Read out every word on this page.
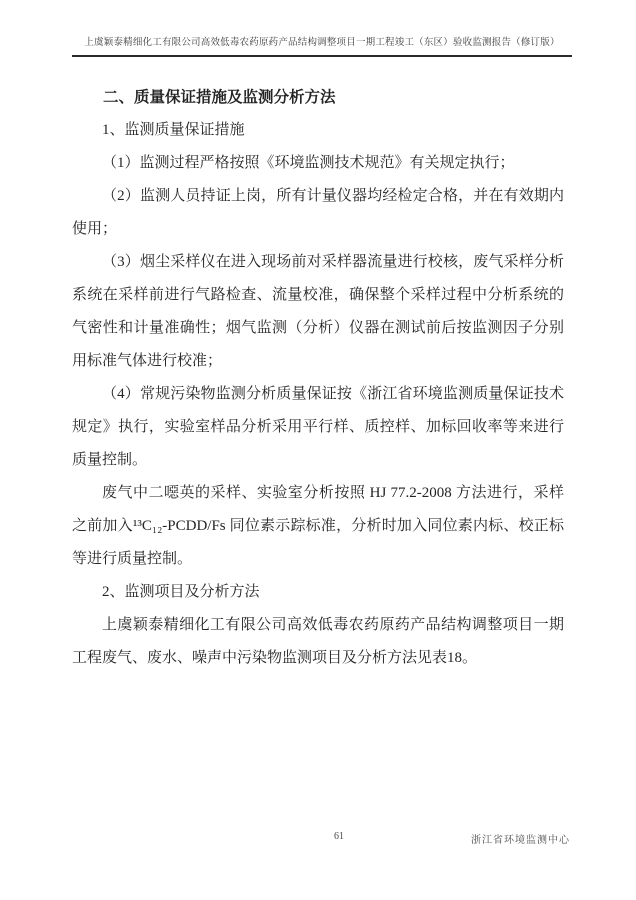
上虞颖泰精细化工有限公司高效低毒农药原药产品结构调整项目一期工程竣工（东区）验收监测报告（修订版）
二、质量保证措施及监测分析方法
1、监测质量保证措施

（1）监测过程严格按照《环境监测技术规范》有关规定执行；

（2）监测人员持证上岗，所有计量仪器均经检定合格，并在有效期内使用；

（3）烟尘采样仪在进入现场前对采样器流量进行校核，废气采样分析系统在采样前进行气路检查、流量校准，确保整个采样过程中分析系统的气密性和计量准确性；烟气监测（分析）仪器在测试前后按监测因子分别用标准气体进行校准；

（4）常规污染物监测分析质量保证按《浙江省环境监测质量保证技术规定》执行，实验室样品分析采用平行样、质控样、加标回收率等来进行质量控制。

废气中二噁英的采样、实验室分析按照 HJ 77.2-2008 方法进行，采样之前加入¹³C₁₂-PCDD/Fs 同位素示踪标准，分析时加入同位素内标、校正标等进行质量控制。

2、监测项目及分析方法

上虞颖泰精细化工有限公司高效低毒农药原药产品结构调整项目一期工程废气、废水、噪声中污染物监测项目及分析方法见表18。

61	浙江省环境监测中心
